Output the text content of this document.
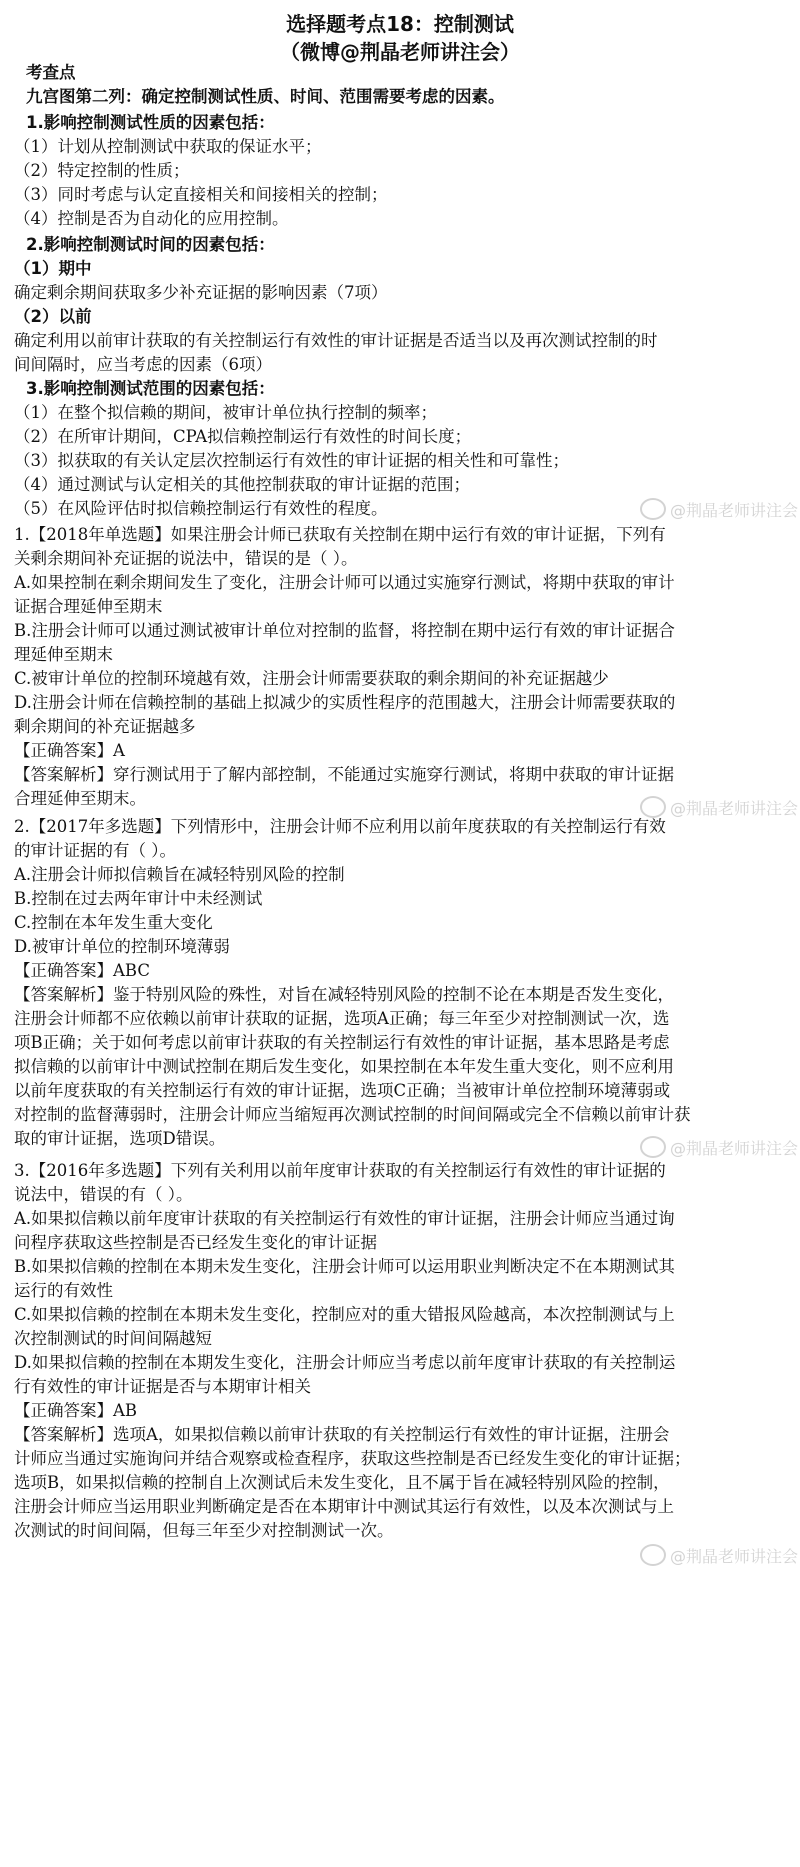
选择题考点18：控制测试
（微博@荆晶老师讲注会）
考查点
九宫图第二列：确定控制测试性质、时间、范围需要考虑的因素。
1.影响控制测试性质的因素包括：
（1）计划从控制测试中获取的保证水平；
（2）特定控制的性质；
（3）同时考虑与认定直接相关和间接相关的控制；
（4）控制是否为自动化的应用控制。
2.影响控制测试时间的因素包括：
（1）期中
确定剩余期间获取多少补充证据的影响因素（7项）
（2）以前
确定利用以前审计获取的有关控制运行有效性的审计证据是否适当以及再次测试控制的时
间间隔时，应当考虑的因素（6项）
3.影响控制测试范围的因素包括：
（1）在整个拟信赖的期间，被审计单位执行控制的频率；
（2）在所审计期间，CPA拟信赖控制运行有效性的时间长度；
（3）拟获取的有关认定层次控制运行有效性的审计证据的相关性和可靠性；
（4）通过测试与认定相关的其他控制获取的审计证据的范围；
（5）在风险评估时拟信赖控制运行有效性的程度。
1.【2018年单选题】如果注册会计师已获取有关控制在期中运行有效的审计证据，下列有
关剩余期间补充证据的说法中，错误的是（ ）。
A.如果控制在剩余期间发生了变化，注册会计师可以通过实施穿行测试，将期中获取的审计
证据合理延伸至期末
B.注册会计师可以通过测试被审计单位对控制的监督，将控制在期中运行有效的审计证据合
理延伸至期末
C.被审计单位的控制环境越有效，注册会计师需要获取的剩余期间的补充证据越少
D.注册会计师在信赖控制的基础上拟减少的实质性程序的范围越大，注册会计师需要获取的
剩余期间的补充证据越多
【正确答案】A
【答案解析】穿行测试用于了解内部控制，不能通过实施穿行测试，将期中获取的审计证据
合理延伸至期末。
2.【2017年多选题】下列情形中，注册会计师不应利用以前年度获取的有关控制运行有效
的审计证据的有（ ）。
A.注册会计师拟信赖旨在减轻特别风险的控制
B.控制在过去两年审计中未经测试
C.控制在本年发生重大变化
D.被审计单位的控制环境薄弱
【正确答案】ABC
【答案解析】鉴于特别风险的殊性，对旨在减轻特别风险的控制不论在本期是否发生变化，
注册会计师都不应依赖以前审计获取的证据，选项A正确；每三年至少对控制测试一次，选
项B正确；关于如何考虑以前审计获取的有关控制运行有效性的审计证据，基本思路是考虑
拟信赖的以前审计中测试控制在期后发生变化，如果控制在本年发生重大变化，则不应利用
以前年度获取的有关控制运行有效的审计证据，选项C正确；当被审计单位控制环境薄弱或
对控制的监督薄弱时，注册会计师应当缩短再次测试控制的时间间隔或完全不信赖以前审计获
取的审计证据，选项D错误。
3.【2016年多选题】下列有关利用以前年度审计获取的有关控制运行有效性的审计证据的
说法中，错误的有（ ）。
A.如果拟信赖以前年度审计获取的有关控制运行有效性的审计证据，注册会计师应当通过询
问程序获取这些控制是否已经发生变化的审计证据
B.如果拟信赖的控制在本期未发生变化，注册会计师可以运用职业判断决定不在本期测试其
运行的有效性
C.如果拟信赖的控制在本期未发生变化，控制应对的重大错报风险越高，本次控制测试与上
次控制测试的时间间隔越短
D.如果拟信赖的控制在本期发生变化，注册会计师应当考虑以前年度审计获取的有关控制运
行有效性的审计证据是否与本期审计相关
【正确答案】AB
【答案解析】选项A，如果拟信赖以前审计获取的有关控制运行有效性的审计证据，注册会
计师应当通过实施询问并结合观察或检查程序，获取这些控制是否已经发生变化的审计证据；
选项B，如果拟信赖的控制自上次测试后未发生变化，且不属于旨在减轻特别风险的控制，
注册会计师应当运用职业判断确定是否在本期审计中测试其运行有效性，以及本次测试与上
次测试的时间间隔，但每三年至少对控制测试一次。
@荆晶老师讲注会
@荆晶老师讲注会
@荆晶老师讲注会
@荆晶老师讲注会
